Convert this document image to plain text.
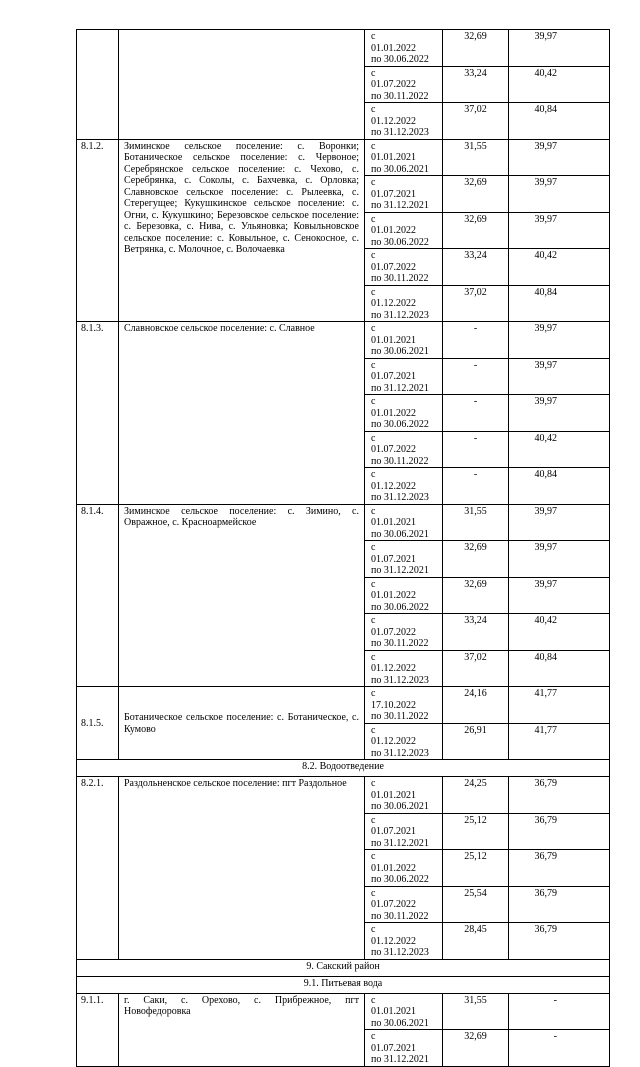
		с01.01.2022
по 30.06.2022	32,69	39,97

		с01.07.2022
по 30.11.2022	33,24	40,42

		с01.12.2022
по 31.12.2023	37,02	40,84
8.1.2.	Зиминское сельское поселение: с. Воронки; Ботаническое сельское поселение: с. Червоное; Серебрянское сельское поселение: с. Чехово, с. Серебрянка, с. Соколы, с. Бахчевка, с. Орловка; Славновское сельское поселение: с. Рылеевка, с. Стерегущее; Кукушкинское сельское поселение: с. Огни, с. Кукушкино; Березовское сельское поселение: с. Березовка, с. Нива, с. Ульяновка; Ковыльновское сельское поселение: с. Ковыльное, с. Сенокосное, с. Ветрянка, с. Молочное, с. Волочаевка	с01.01.2021
по 30.06.2021	31,55	39,97

		с01.07.2021
по 31.12.2021	32,69	39,97

		с01.01.2022
по 30.06.2022	32,69	39,97

		с01.07.2022
по 30.11.2022	33,24	40,42

		с01.12.2022
по 31.12.2023	37,02	40,84
8.1.3.	Славновское сельское поселение: с. Славное	с01.01.2021
по 30.06.2021	-	39,97

		с01.07.2021
по 31.12.2021	-	39,97

		с01.01.2022
по 30.06.2022	-	39,97

		с01.07.2022
по 30.11.2022	-	40,42

		с01.12.2022
по 31.12.2023	-	40,84
8.1.4.	Зиминское сельское поселение: с. Зимино, с. Овражное, с. Красноармейское	с01.01.2021
по 30.06.2021	31,55	39,97

		с01.07.2021
по 31.12.2021	32,69	39,97

		с01.01.2022
по 30.06.2022	32,69	39,97

		с01.07.2022
по 30.11.2022	33,24	40,42

		с01.12.2022
по 31.12.2023	37,02	40,84
8.1.5.	Ботаническое сельское поселение: с. Ботаническое, с. Кумово	с17.10.2022
по 30.11.2022	24,16	41,77

		с01.12.2022
по 31.12.2023	26,91	41,77
8.2. Водоотведение				
8.2.1.	Раздольненское сельское поселение: пгт Раздольное	с01.01.2021
по 30.06.2021	24,25	36,79

		с01.07.2021
по 31.12.2021	25,12	36,79

		с01.01.2022
по 30.06.2022	25,12	36,79

		с01.07.2022
по 30.11.2022	25,54	36,79

		с01.12.2022
по 31.12.2023	28,45	36,79
9. Сакский район				
9.1. Питьевая вода				
9.1.1.	г. Саки, с. Орехово, с. Прибрежное, пгт Новофедоровка	с01.01.2021
по 30.06.2021	31,55	-

		с01.07.2021
по 31.12.2021	32,69	-
